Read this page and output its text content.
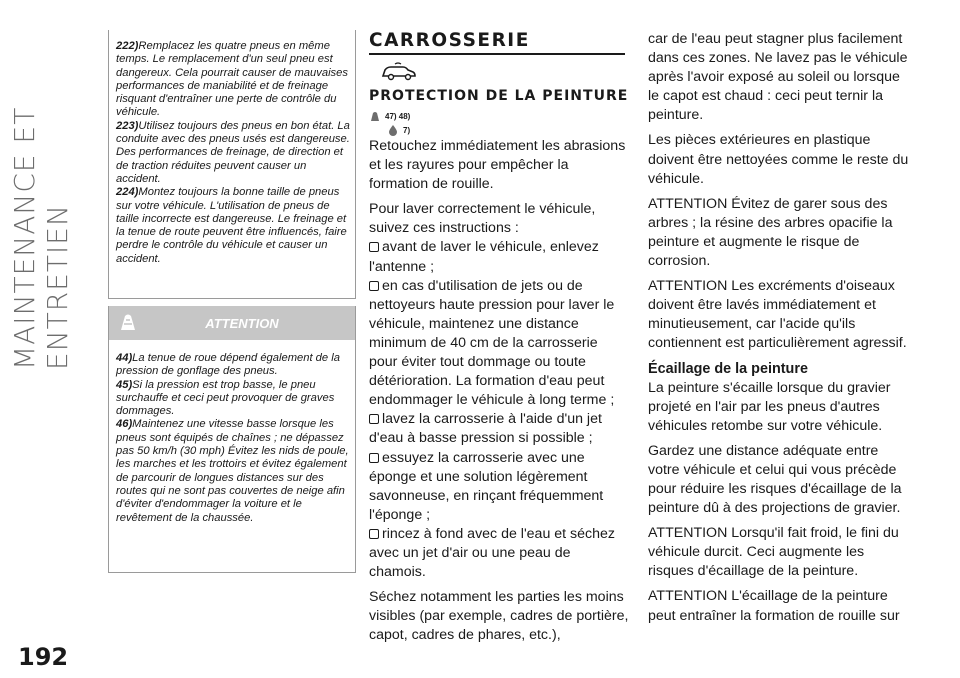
MAINTENANCE ET ENTRETIEN
192
222)Remplacez les quatre pneus en même temps. Le remplacement d'un seul pneu est dangereux. Cela pourrait causer de mauvaises performances de maniabilité et de freinage risquant d'entraîner une perte de contrôle du véhicule.
223)Utilisez toujours des pneus en bon état. La conduite avec des pneus usés est dangereuse. Des performances de freinage, de direction et de traction réduites peuvent causer un accident.
224)Montez toujours la bonne taille de pneus sur votre véhicule. L'utilisation de pneus de taille incorrecte est dangereuse. Le freinage et la tenue de route peuvent être influencés, faire perdre le contrôle du véhicule et causer un accident.
ATTENTION
44)La tenue de roue dépend également de la pression de gonflage des pneus.
45)Si la pression est trop basse, le pneu surchauffe et ceci peut provoquer de graves dommages.
46)Maintenez une vitesse basse lorsque les pneus sont équipés de chaînes ; ne dépassez pas 50 km/h (30 mph) Évitez les nids de poule, les marches et les trottoirs et évitez également de parcourir de longues distances sur des routes qui ne sont pas couvertes de neige afin d'éviter d'endommager la voiture et le revêtement de la chaussée.
CARROSSERIE
PROTECTION DE LA PEINTURE
47) 48)
7)

Retouchez immédiatement les abrasions et les rayures pour empêcher la formation de rouille.

Pour laver correctement le véhicule, suivez ces instructions :

avant de laver le véhicule, enlevez l'antenne ;
en cas d'utilisation de jets ou de nettoyeurs haute pression pour laver le véhicule, maintenez une distance minimum de 40 cm de la carrosserie pour éviter tout dommage ou toute détérioration. La formation d'eau peut endommager le véhicule à long terme ;
lavez la carrosserie à l'aide d'un jet d'eau à basse pression si possible ;
essuyez la carrosserie avec une éponge et une solution légèrement savonneuse, en rinçant fréquemment l'éponge ;
rincez à fond avec de l'eau et séchez avec un jet d'air ou une peau de chamois.

Séchez notamment les parties les moins visibles (par exemple, cadres de portière, capot, cadres de phares, etc.),

car de l'eau peut stagner plus facilement dans ces zones. Ne lavez pas le véhicule après l'avoir exposé au soleil ou lorsque le capot est chaud : ceci peut ternir la peinture.

Les pièces extérieures en plastique doivent être nettoyées comme le reste du véhicule.

ATTENTION Évitez de garer sous des arbres ; la résine des arbres opacifie la peinture et augmente le risque de corrosion.

ATTENTION Les excréments d'oiseaux doivent être lavés immédiatement et minutieusement, car l'acide qu'ils contiennent est particulièrement agressif.

Écaillage de la peinture

La peinture s'écaille lorsque du gravier projeté en l'air par les pneus d'autres véhicules retombe sur votre véhicule.

Gardez une distance adéquate entre votre véhicule et celui qui vous précède pour réduire les risques d'écaillage de la peinture dû à des projections de gravier.

ATTENTION Lorsqu'il fait froid, le fini du véhicule durcit. Ceci augmente les risques d'écaillage de la peinture.

ATTENTION L'écaillage de la peinture peut entraîner la formation de rouille sur
